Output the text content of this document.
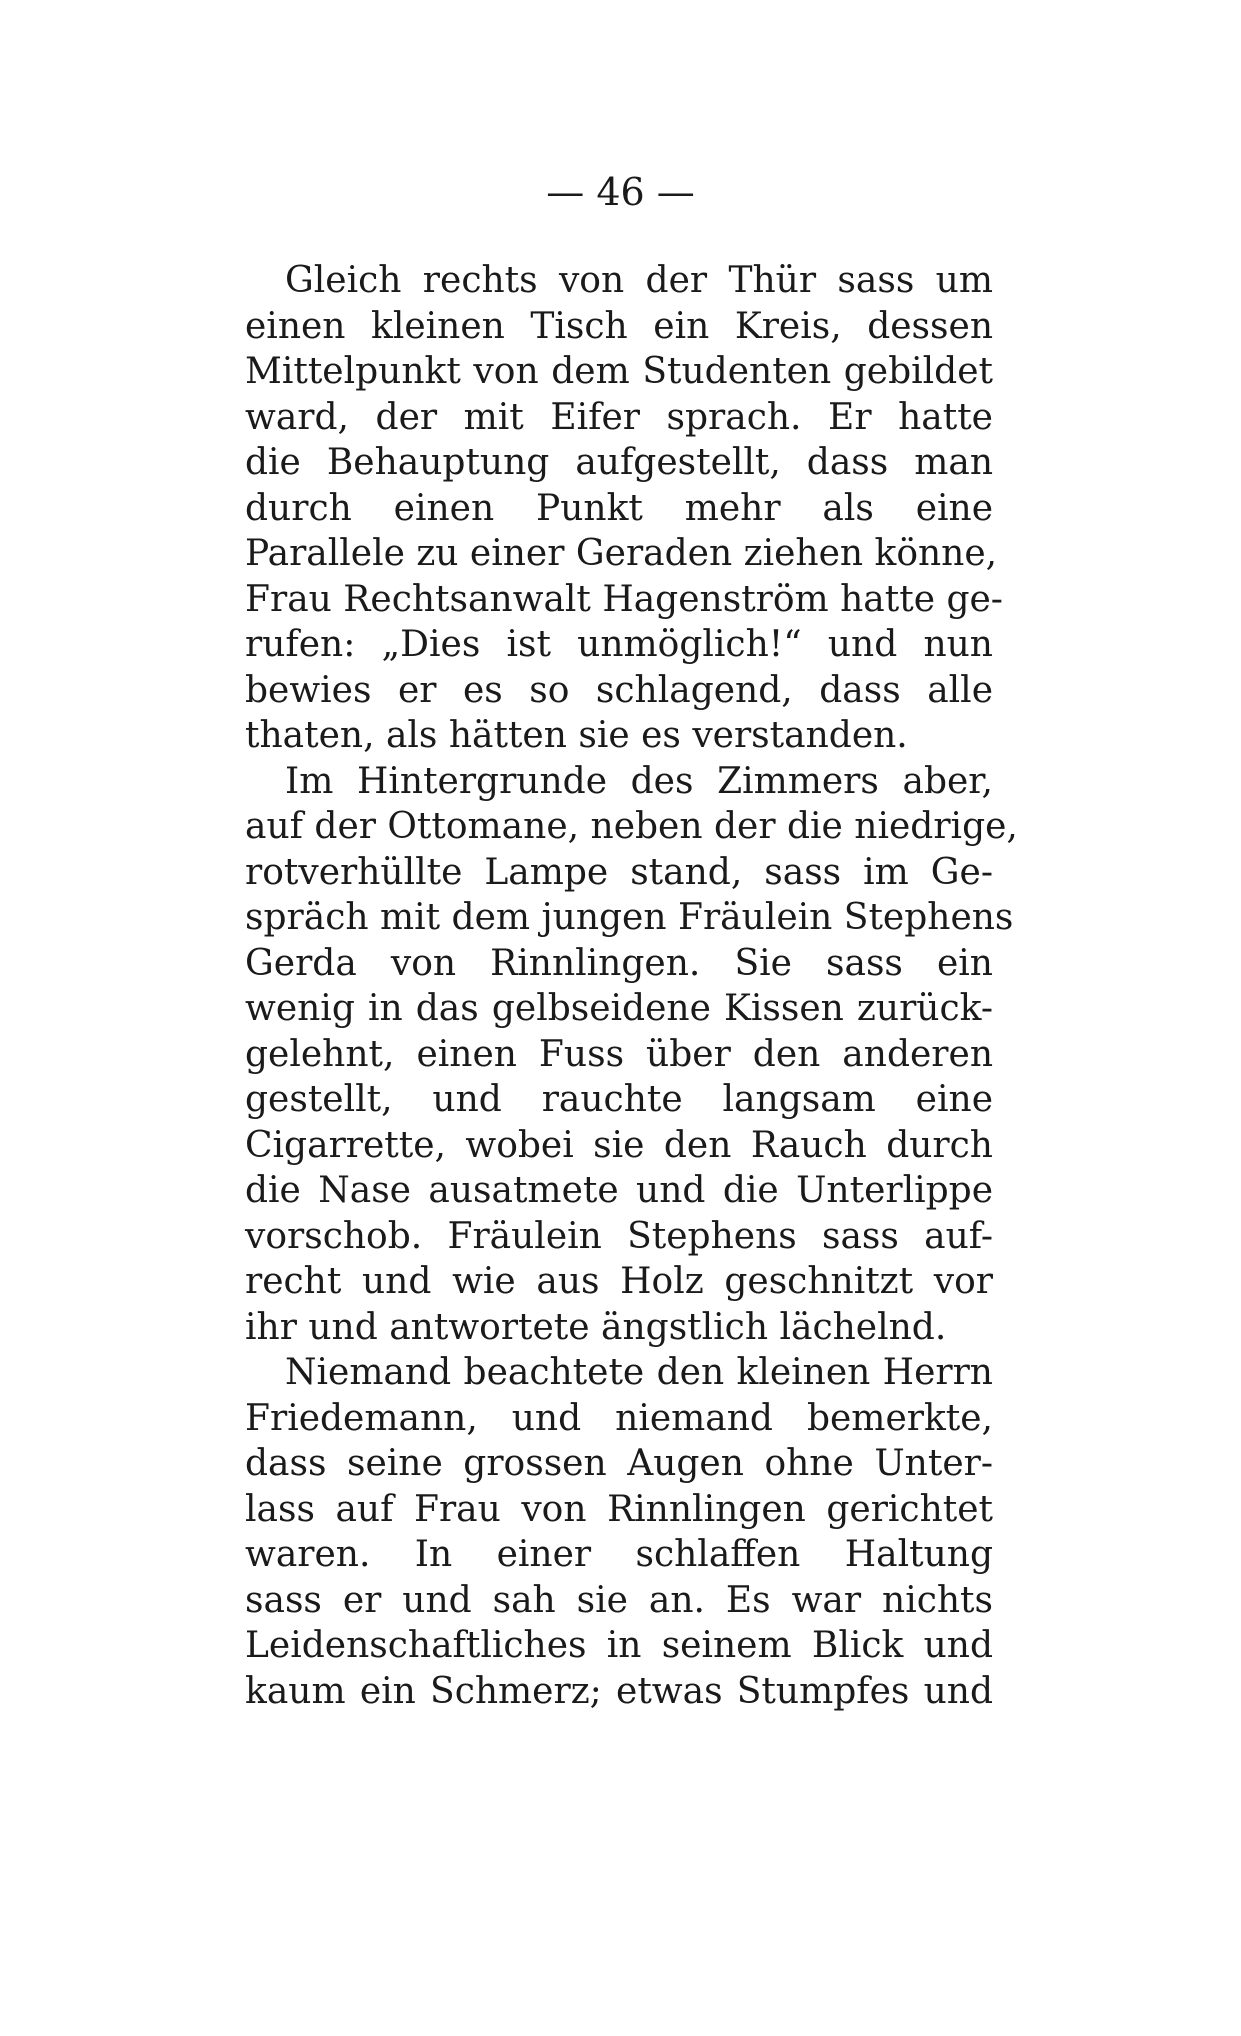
— 46 —
Gleich rechts von der Thür sass um
einen kleinen Tisch ein Kreis, dessen
Mittelpunkt von dem Studenten gebildet
ward, der mit Eifer sprach. Er hatte
die Behauptung aufgestellt, dass man
durch einen Punkt mehr als eine
Parallele zu einer Geraden ziehen könne,
Frau Rechtsanwalt Hagenström hatte ge-
rufen: „Dies ist unmöglich!“ und nun
bewies er es so schlagend, dass alle
thaten, als hätten sie es verstanden.
Im Hintergrunde des Zimmers aber,
auf der Ottomane, neben der die niedrige,
rotverhüllte Lampe stand, sass im Ge-
spräch mit dem jungen Fräulein Stephens
Gerda von Rinnlingen. Sie sass ein
wenig in das gelbseidene Kissen zurück-
gelehnt, einen Fuss über den anderen
gestellt, und rauchte langsam eine
Cigarrette, wobei sie den Rauch durch
die Nase ausatmete und die Unterlippe
vorschob. Fräulein Stephens sass auf-
recht und wie aus Holz geschnitzt vor
ihr und antwortete ängstlich lächelnd.
Niemand beachtete den kleinen Herrn
Friedemann, und niemand bemerkte,
dass seine grossen Augen ohne Unter-
lass auf Frau von Rinnlingen gerichtet
waren. In einer schlaffen Haltung
sass er und sah sie an. Es war nichts
Leidenschaftliches in seinem Blick und
kaum ein Schmerz; etwas Stumpfes und
